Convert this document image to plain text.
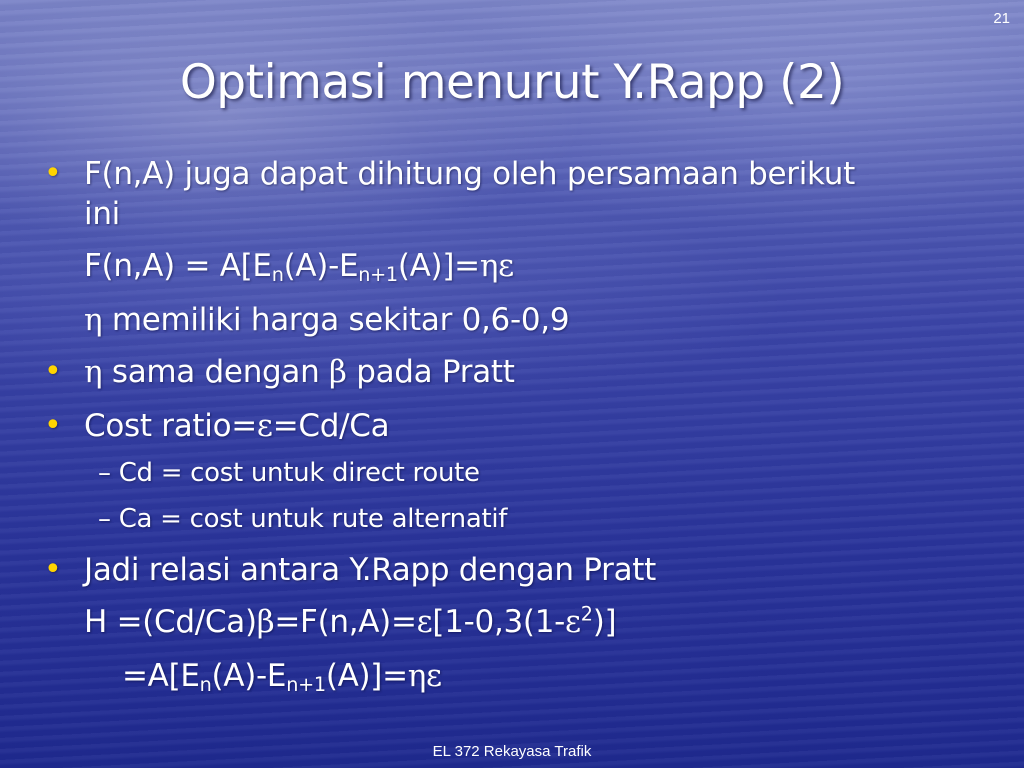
21
Optimasi menurut Y.Rapp (2)
• F(n,A) juga dapat dihitung oleh persamaan berikut
ini
$F(n,A) = A[E_n(A)-E_{n+1}(A)]=\eta\varepsilon$
η memiliki harga sekitar 0,6-0,9
• η sama dengan β pada Pratt
• Cost ratio=ε=Cd/Ca
– Cd = cost untuk direct route
– Ca = cost untuk rute alternatif
• Jadi relasi antara Y.Rapp dengan Pratt
$H =(Cd/Ca)\beta=F(n,A)=\varepsilon[1-0,3(1-\varepsilon^2)]$
$=A[E_n(A)-E_{n+1}(A)]=\eta\varepsilon$
EL 372 Rekayasa Trafik
